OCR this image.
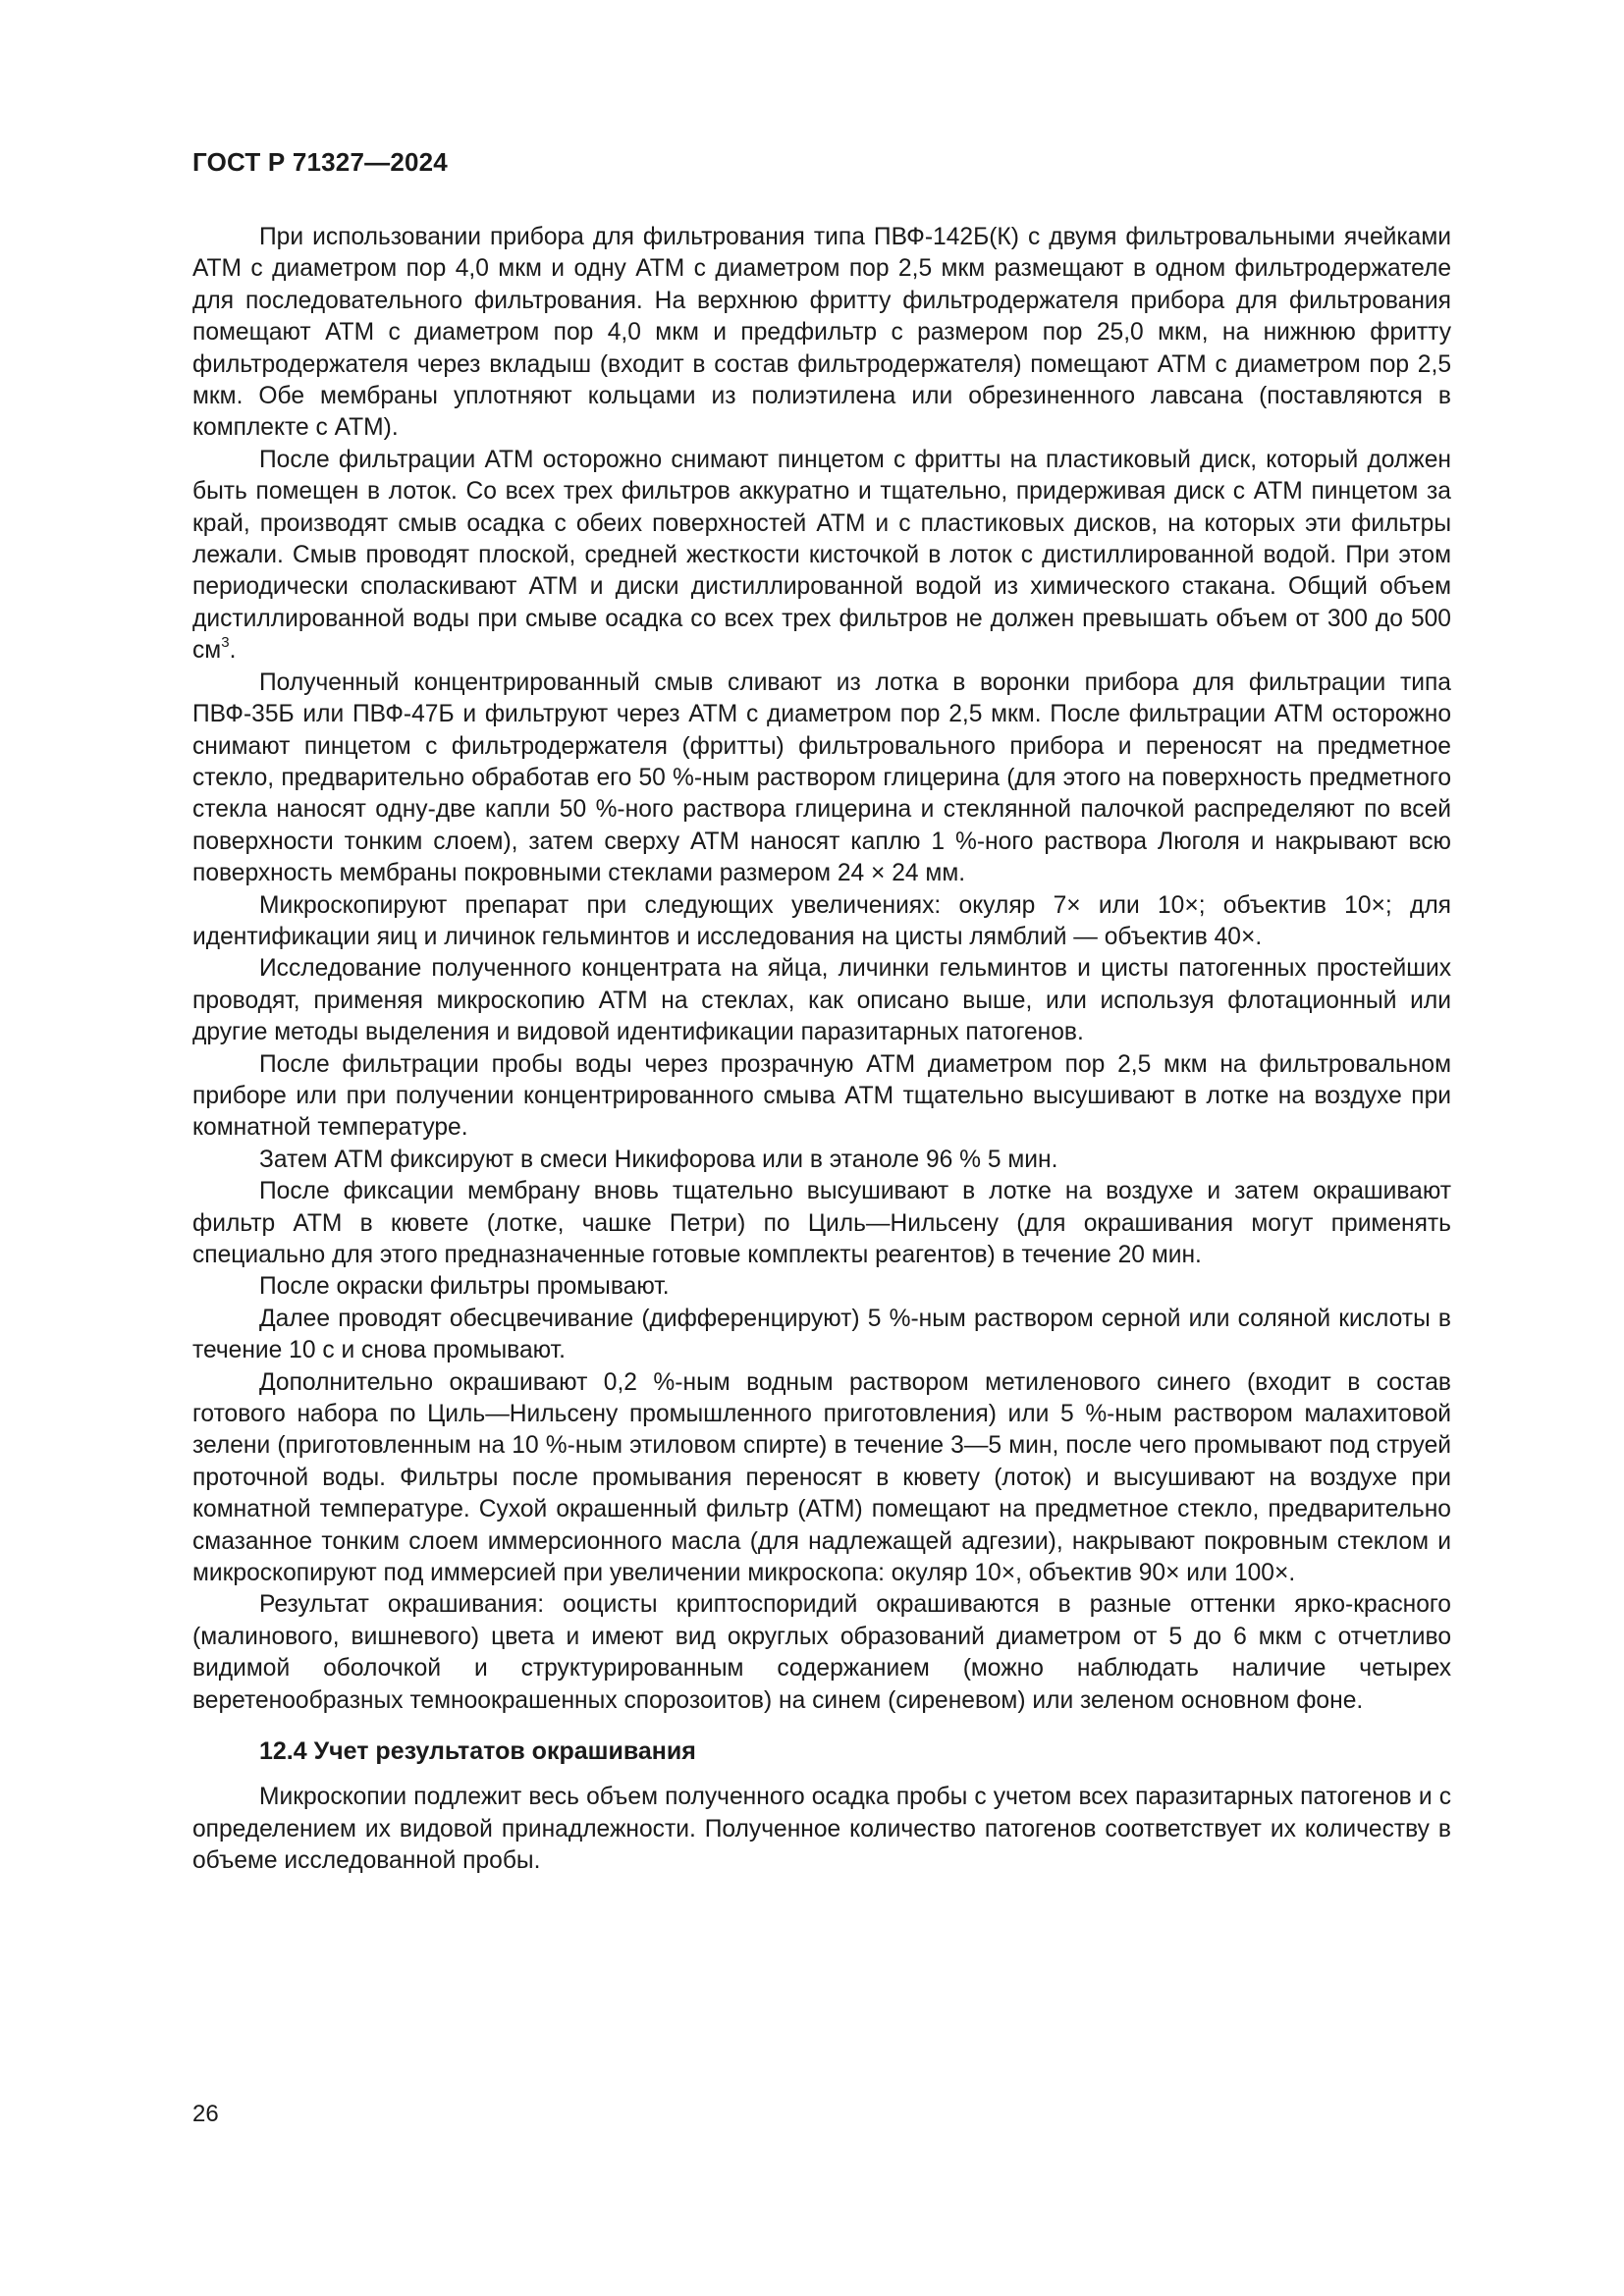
ГОСТ Р 71327—2024

При использовании прибора для фильтрования типа ПВФ-142Б(К) с двумя фильтровальными ячейками АТМ с диаметром пор 4,0 мкм и одну АТМ с диаметром пор 2,5 мкм размещают в одном фильтродержателе для последовательного фильтрования. На верхнюю фритту фильтродержателя прибора для фильтрования помещают АТМ с диаметром пор 4,0 мкм и предфильтр с размером пор 25,0 мкм, на нижнюю фритту фильтродержателя через вкладыш (входит в состав фильтродержателя) помещают АТМ с диаметром пор 2,5 мкм. Обе мембраны уплотняют кольцами из полиэтилена или обрезиненного лавсана (поставляются в комплекте с АТМ).

После фильтрации АТМ осторожно снимают пинцетом с фритты на пластиковый диск, который должен быть помещен в лоток. Со всех трех фильтров аккуратно и тщательно, придерживая диск с АТМ пинцетом за край, производят смыв осадка с обеих поверхностей АТМ и с пластиковых дисков, на которых эти фильтры лежали. Смыв проводят плоской, средней жесткости кисточкой в лоток с дистиллированной водой. При этом периодически споласкивают АТМ и диски дистиллированной водой из химического стакана. Общий объем дистиллированной воды при смыве осадка со всех трех фильтров не должен превышать объем от 300 до 500 $см^3$.

Полученный концентрированный смыв сливают из лотка в воронки прибора для фильтрации типа ПВФ-35Б или ПВФ-47Б и фильтруют через АТМ с диаметром пор 2,5 мкм. После фильтрации АТМ осторожно снимают пинцетом с фильтродержателя (фритты) фильтровального прибора и переносят на предметное стекло, предварительно обработав его 50 %-ным раствором глицерина (для этого на поверхность предметного стекла наносят одну-две капли 50 %-ного раствора глицерина и стеклянной палочкой распределяют по всей поверхности тонким слоем), затем сверху АТМ наносят каплю 1 %-ного раствора Люголя и накрывают всю поверхность мембраны покровными стеклами размером 24 × 24 мм.

Микроскопируют препарат при следующих увеличениях: окуляр 7× или 10×; объектив 10×; для идентификации яиц и личинок гельминтов и исследования на цисты лямблий — объектив 40×.

Исследование полученного концентрата на яйца, личинки гельминтов и цисты патогенных простейших проводят, применяя микроскопию АТМ на стеклах, как описано выше, или используя флотационный или другие методы выделения и видовой идентификации паразитарных патогенов.

После фильтрации пробы воды через прозрачную АТМ диаметром пор 2,5 мкм на фильтровальном приборе или при получении концентрированного смыва АТМ тщательно высушивают в лотке на воздухе при комнатной температуре.

Затем АТМ фиксируют в смеси Никифорова или в этаноле 96 % 5 мин.

После фиксации мембрану вновь тщательно высушивают в лотке на воздухе и затем окрашивают фильтр АТМ в кювете (лотке, чашке Петри) по Циль—Нильсену (для окрашивания могут применять специально для этого предназначенные готовые комплекты реагентов) в течение 20 мин.

После окраски фильтры промывают.

Далее проводят обесцвечивание (дифференцируют) 5 %-ным раствором серной или соляной кислоты в течение 10 с и снова промывают.

Дополнительно окрашивают 0,2 %-ным водным раствором метиленового синего (входит в состав готового набора по Циль—Нильсену промышленного приготовления) или 5 %-ным раствором малахитовой зелени (приготовленным на 10 %-ным этиловом спирте) в течение 3—5 мин, после чего промывают под струей проточной воды. Фильтры после промывания переносят в кювету (лоток) и высушивают на воздухе при комнатной температуре. Сухой окрашенный фильтр (АТМ) помещают на предметное стекло, предварительно смазанное тонким слоем иммерсионного масла (для надлежащей адгезии), накрывают покровным стеклом и микроскопируют под иммерсией при увеличении микроскопа: окуляр 10×, объектив 90× или 100×.

Результат окрашивания: ооцисты криптоспоридий окрашиваются в разные оттенки ярко-красного (малинового, вишневого) цвета и имеют вид округлых образований диаметром от 5 до 6 мкм с отчетливо видимой оболочкой и структурированным содержанием (можно наблюдать наличие четырех веретенообразных темноокрашенных спорозоитов) на синем (сиреневом) или зеленом основном фоне.

12.4 Учет результатов окрашивания

Микроскопии подлежит весь объем полученного осадка пробы с учетом всех паразитарных патогенов и с определением их видовой принадлежности. Полученное количество патогенов соответствует их количеству в объеме исследованной пробы.

26
